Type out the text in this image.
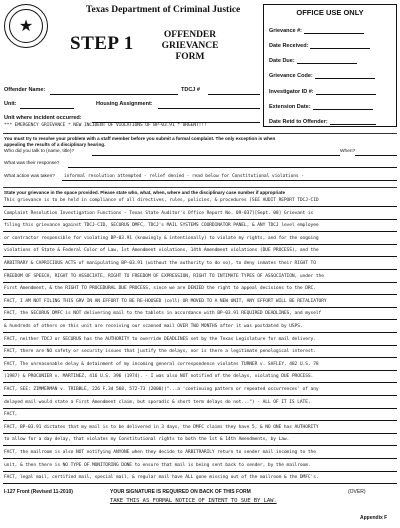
★
Texas Department of Criminal Justice
STEP 1	OFFENDER
GRIEVANCE FORM
OFFICE USE ONLY
Grievance #:
Date Received:
Date Due:
Grievance Code:
Investigator ID #:
Extension Date:
Date Retd to Offender:
Offender Name:	TDCJ #
Unit:	Housing Assignment:
Unit where incident occurred:
*** EMERGENCY GRIEVANCE * NEW INCIDENT OF VIOLATIONS OF BP-03.91 * URGENT!!!
You must try to resolve your problem with a staff member before you submit a formal complaint. The only exception is when
appealing the results of a disciplinary hearing.
Who did you talk to (name, title)?	When?
What was their response?
What action was taken? informal resolution attempted - relief denied - read below for Constitutional violations -
State your grievance in the space provided. Please state who, what, when, where and the disciplinary case number if appropriate
This grievance is to be held in compliance of all directives, rules, policies, & procedures [SEE AUDIT REPORT TDCJ-CID
Complaint Resolution Investigation Functions - Texas State Auditor's Office Report No. 09-037][Sept. 08] Grievant is
filing this grievance against TDCJ-CID, SECURUS DMFC, TDCJ's MAIL SYSTEMS COORDINATOR PANEL, & ANY TDCJ level employee
or contractor responsible for violating BP-03.91 (knowingly & intentionally) to violate my rights, and for the ongoing
violations of State & Federal Color of Law, 1st Amendment violations, 14th Amendment violations (DUE PROCESS), and the
ARBITRARY & CAPRICIOUS ACTS of manipulating BP-03.91 (without the authority to do so), to deny inmates their RIGHT TO
FREEDOM OF SPEECH, RIGHT TO ASSOCIATE, RIGHT TO FREEDOM OF EXPRESSION, RIGHT TO INTIMATE TYPES OF ASSOCIATION, under the
First Amendment, & the RIGHT TO PROCEDURAL DUE PROCESS, since we are DENIED the right to appeal decisions to the DRC.
FACT, I AM NOT FILING THIS GRV IN AN EFFORT TO BE RE-HOUSED (cell) OR MOVED TO A NEW UNIT, ANY EFFORT WILL BE RETALIATORY
FACT, the SECURUS DMFC is NOT delivering mail to the tablets in accordance with BP-03.91 REQUIRED DEADLINES, and myself
& hundreds of others on this unit are receiving our scanned mail OVER TWO MONTHS after it was postdated by USPS.
FACT, neither TDCJ or SECURUS has the AUTHORITY to override DEADLINES set by the Texas Legislature for mail delivery.
FACT, there are NO safety or security issues that justify the delays, nor is there a legitimate penological interest.
FACT, The unreasonable delay & detainment of my incoming general correspondence violates TURNER v. SAFLEY, 482 U.S. 78
(1987) & PROCUNIER v. MARTINEZ, 416 U.S. 396 (1974). - I was also NOT notified of the delays, violating DUE PROCESS.
FACT, SEE: ZIMMERMAN v. TRIBBLE, 226 F.3d 568, 572-73 (2000)("...a 'continuing pattern or repeated occurrences' of any
delayed mail would state a First Amendment claim, but sporadic & short term delays do not...") - ALL OF IT IS LATE.
FACT,
FACT, BP-03.91 dictates that my mail is to be delivered in 3 days, the DMFC claims they have 5, & NO ONE has AUTHORITY
to allow for a day delay, that violates my Constitutional rights to both the 1st & 14th Amendments, by Law.
FACT, the mailroom is also NOT notifying ANYONE when they decide to ARBITRARILY return to sender mail incoming to the
unit, & then there is NO TYPE OF MONITORING DONE to ensure that mail is being sent back to sender, by the mailroom.
FACT, legal mail, certified mail, special mail, & regular mail have ALL gone missing out of the mailroom & the DMFC's.
I-127 Front (Revised 11-2010)	YOUR SIGNATURE IS REQUIRED ON BACK OF THIS FORM	(OVER)
TAKE THIS AS FORMAL NOTICE OF INTENT TO SUE BY LAW.
Appendix F
